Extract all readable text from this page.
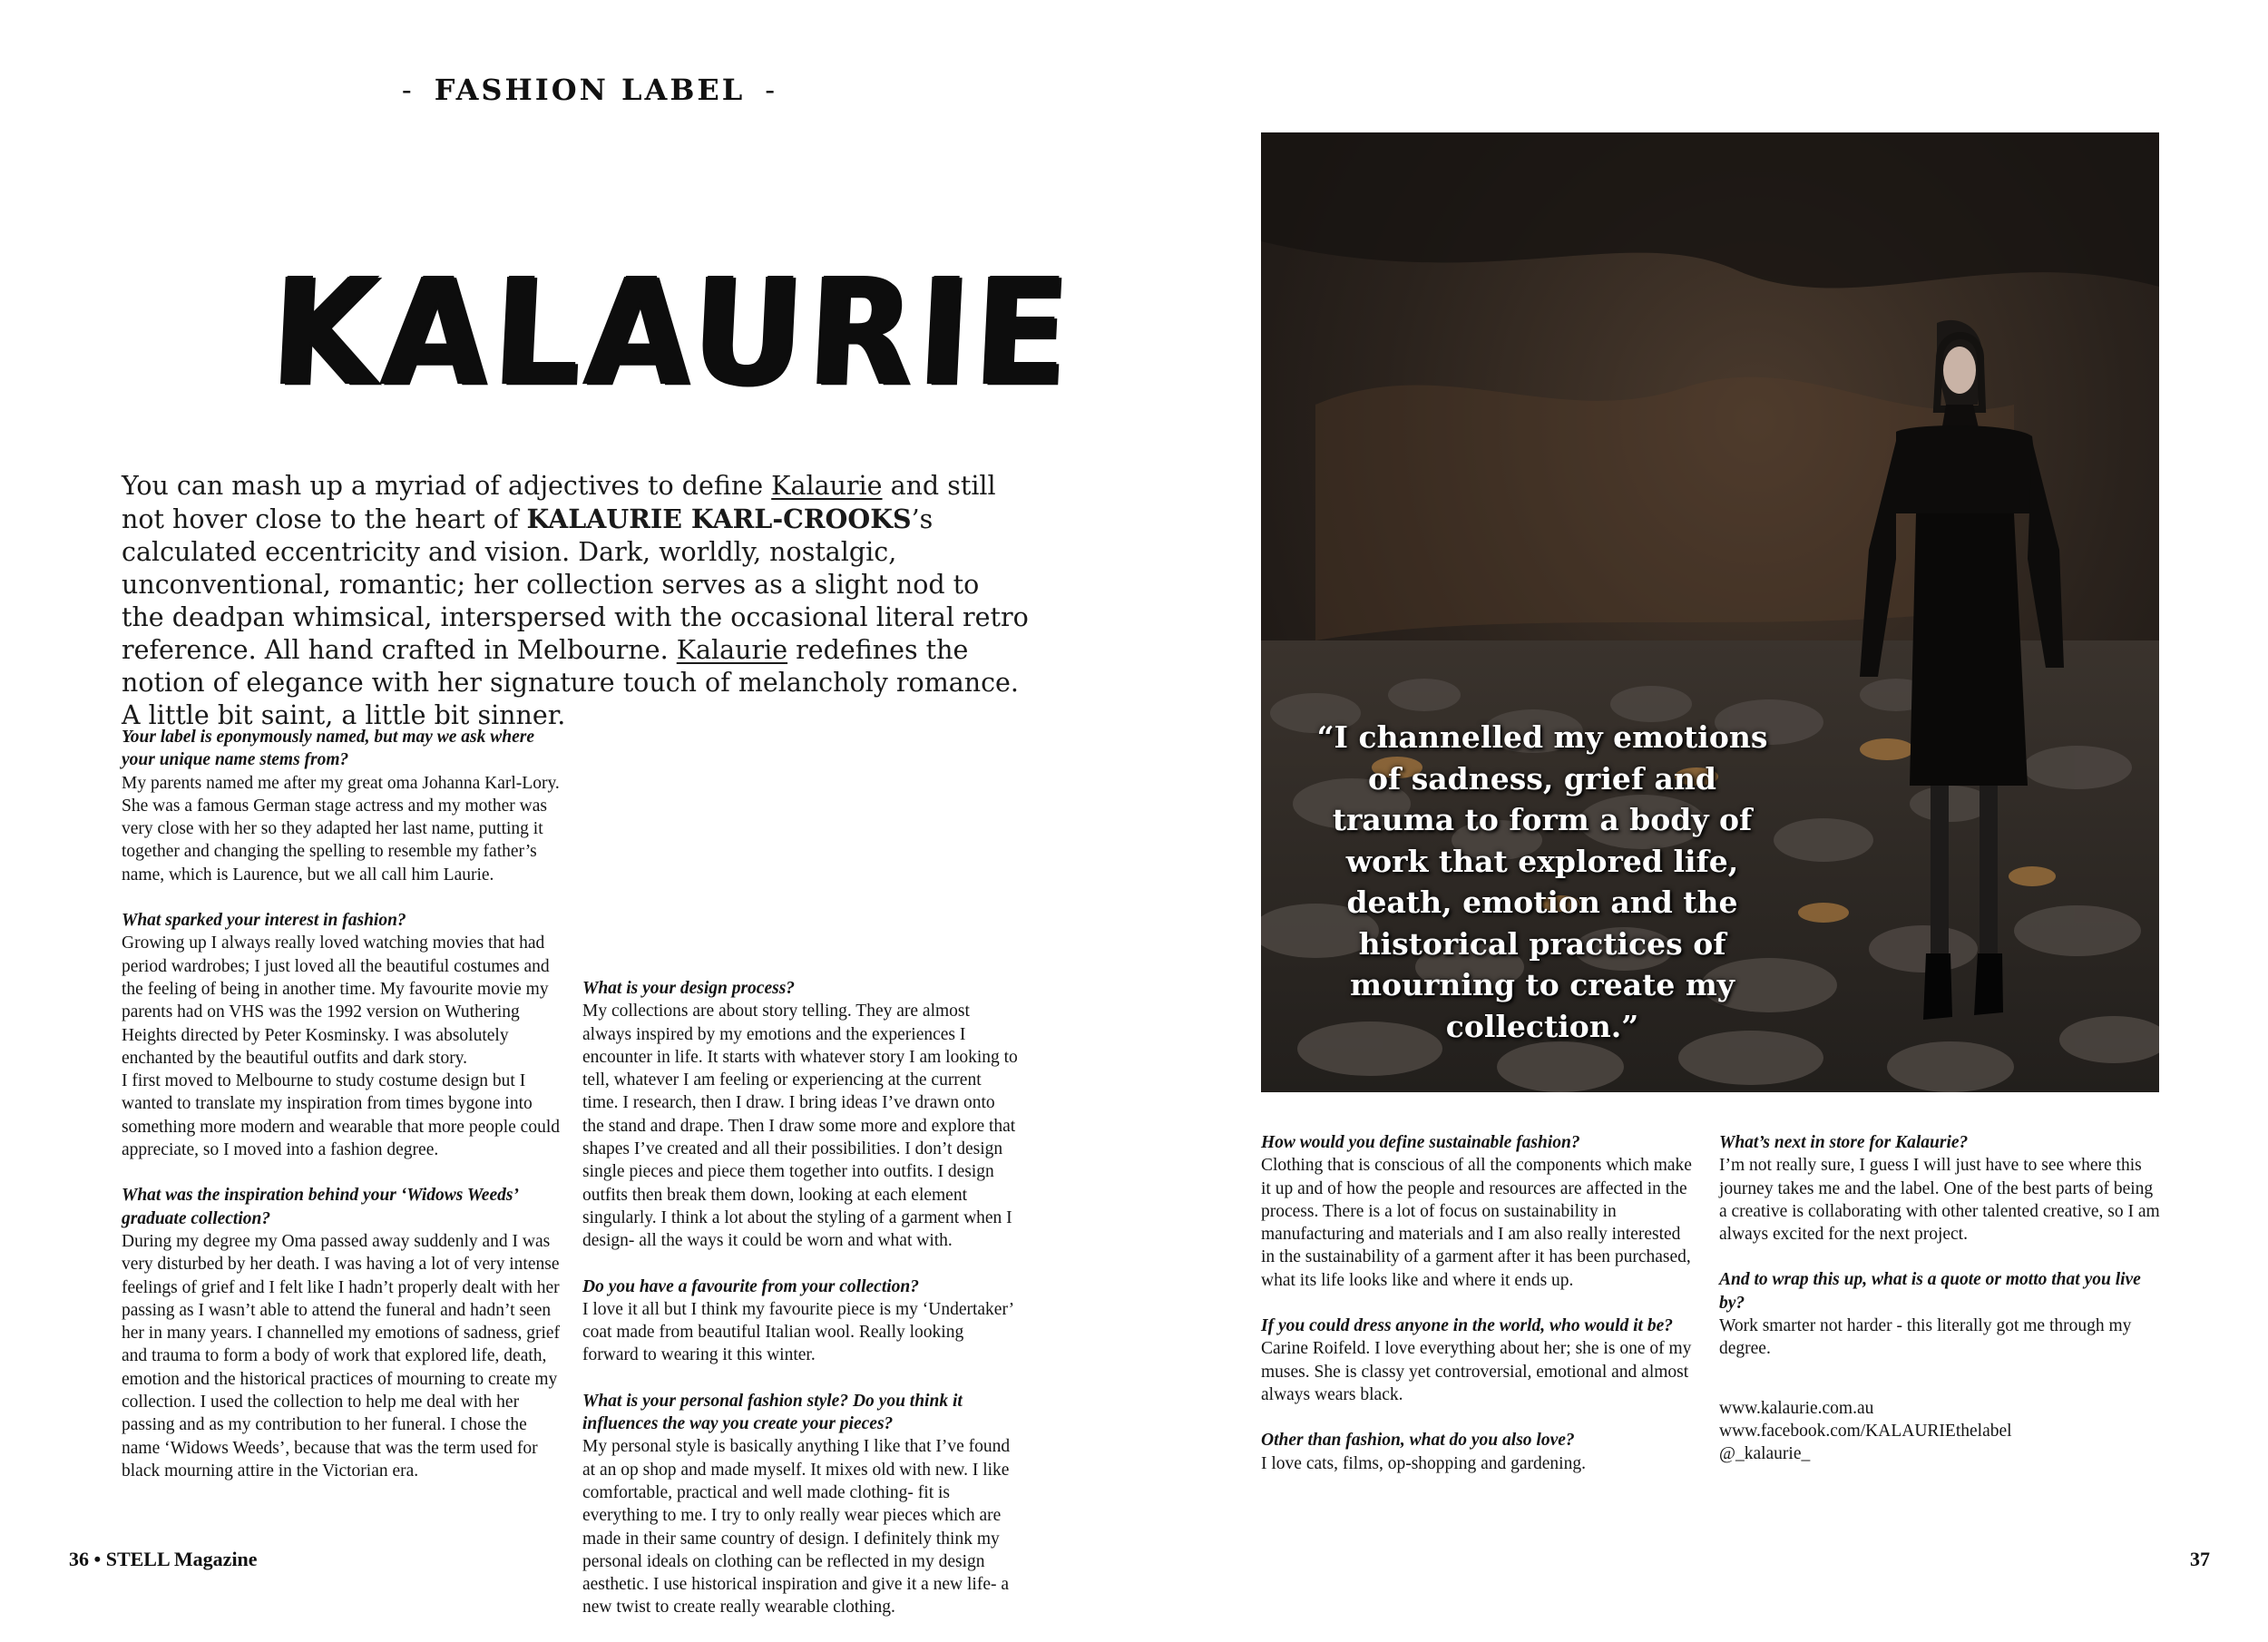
- FASHION LABEL -
KALAURIE
You can mash up a myriad of adjectives to define Kalaurie and still not hover close to the heart of KALAURIE KARL-CROOKS’s calculated eccentricity and vision. Dark, worldly, nostalgic, unconventional, romantic; her collection serves as a slight nod to the deadpan whimsical, interspersed with the occasional literal retro reference. All hand crafted in Melbourne. Kalaurie redefines the notion of elegance with her signature touch of melancholy romance. A little bit saint, a little bit sinner.

Your label is eponymously named, but may we ask where your unique name stems from?
My parents named me after my great oma Johanna Karl-Lory. She was a famous German stage actress and my mother was very close with her so they adapted her last name, putting it together and changing the spelling to resemble my father’s name, which is Laurence, but we all call him Laurie.

What sparked your interest in fashion?
Growing up I always really loved watching movies that had period wardrobes; I just loved all the beautiful costumes and the feeling of being in another time. My favourite movie my parents had on VHS was the 1992 version on Wuthering Heights directed by Peter Kosminsky. I was absolutely enchanted by the beautiful outfits and dark story.
I first moved to Melbourne to study costume design but I wanted to translate my inspiration from times bygone into something more modern and wearable that more people could appreciate, so I moved into a fashion degree.

What was the inspiration behind your ‘Widows Weeds’ graduate collection?
During my degree my Oma passed away suddenly and I was very disturbed by her death. I was having a lot of very intense feelings of grief and I felt like I hadn’t properly dealt with her passing as I wasn’t able to attend the funeral and hadn’t seen her in many years. I channelled my emotions of sadness, grief and trauma to form a body of work that explored life, death, emotion and the historical practices of mourning to create my collection. I used the collection to help me deal with her passing and as my contribution to her funeral. I chose the name ‘Widows Weeds’, because that was the term used for black mourning attire in the Victorian era.

What is your design process?
My collections are about story telling. They are almost always inspired by my emotions and the experiences I encounter in life. It starts with whatever story I am looking to tell, whatever I am feeling or experiencing at the current time. I research, then I draw. I bring ideas I’ve drawn onto the stand and drape. Then I draw some more and explore that shapes I’ve created and all their possibilities. I don’t design single pieces and piece them together into outfits. I design outfits then break them down, looking at each element singularly. I think a lot about the styling of a garment when I design- all the ways it could be worn and what with.

Do you have a favourite from your collection?
I love it all but I think my favourite piece is my ‘Undertaker’ coat made from beautiful Italian wool. Really looking forward to wearing it this winter.

What is your personal fashion style? Do you think it influences the way you create your pieces?
My personal style is basically anything I like that I’ve found at an op shop and made myself. It mixes old with new. I like comfortable, practical and well made clothing- fit is everything to me. I try to only really wear pieces which are made in their same country of design. I definitely think my personal ideals on clothing can be reflected in my design aesthetic. I use historical inspiration and give it a new life- a new twist to create really wearable clothing.

“I channelled my emotions of sadness, grief and trauma to form a body of work that explored life, death, emotion and the historical practices of mourning to create my collection.”

How would you define sustainable fashion?
Clothing that is conscious of all the components which make it up and of how the people and resources are affected in the process. There is a lot of focus on sustainability in manufacturing and materials and I am also really interested in the sustainability of a garment after it has been purchased, what its life looks like and where it ends up.

If you could dress anyone in the world, who would it be?
Carine Roifeld. I love everything about her; she is one of my muses. She is classy yet controversial, emotional and almost always wears black.

Other than fashion, what do you also love?
I love cats, films, op-shopping and gardening.

What’s next in store for Kalaurie?
I’m not really sure, I guess I will just have to see where this journey takes me and the label. One of the best parts of being a creative is collaborating with other talented creative, so I am always excited for the next project.

And to wrap this up, what is a quote or motto that you live by?
Work smarter not harder - this literally got me through my degree.

www.kalaurie.com.au
www.facebook.com/KALAURIEthelabel
@_kalaurie_

36 • STELL Magazine	37
